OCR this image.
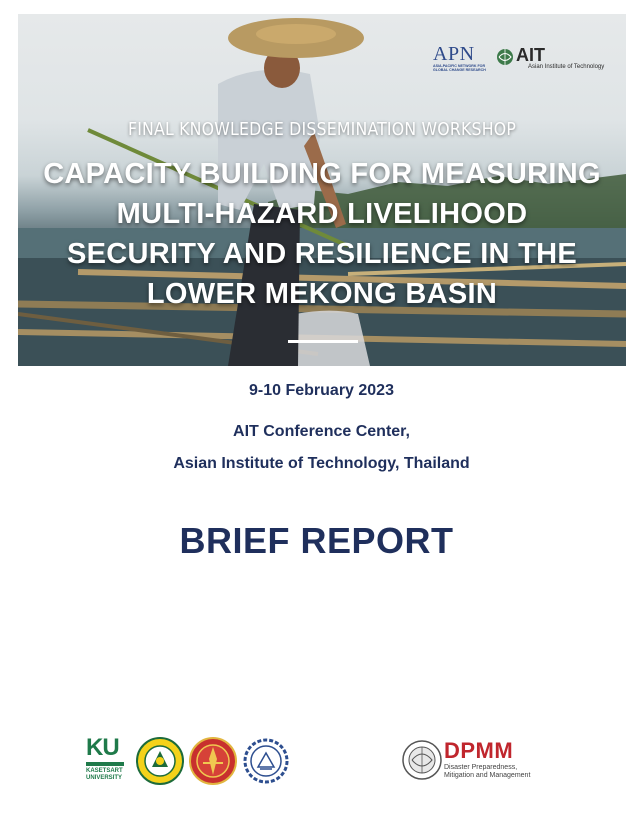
APN
ASIA-PACIFIC NETWORK FOR GLOBAL CHANGE RESEARCH
AIT
Asian Institute of Technology
FINAL KNOWLEDGE DISSEMINATION WORKSHOP
CAPACITY BUILDING FOR MEASURING MULTI-HAZARD LIVELIHOOD SECURITY AND RESILIENCE IN THE LOWER MEKONG BASIN
9-10 February 2023
AIT Conference Center,
Asian Institute of Technology, Thailand
BRIEF REPORT
KU
KASETSART
UNIVERSITY
DPMM
Disaster Preparedness,
Mitigation and Management
